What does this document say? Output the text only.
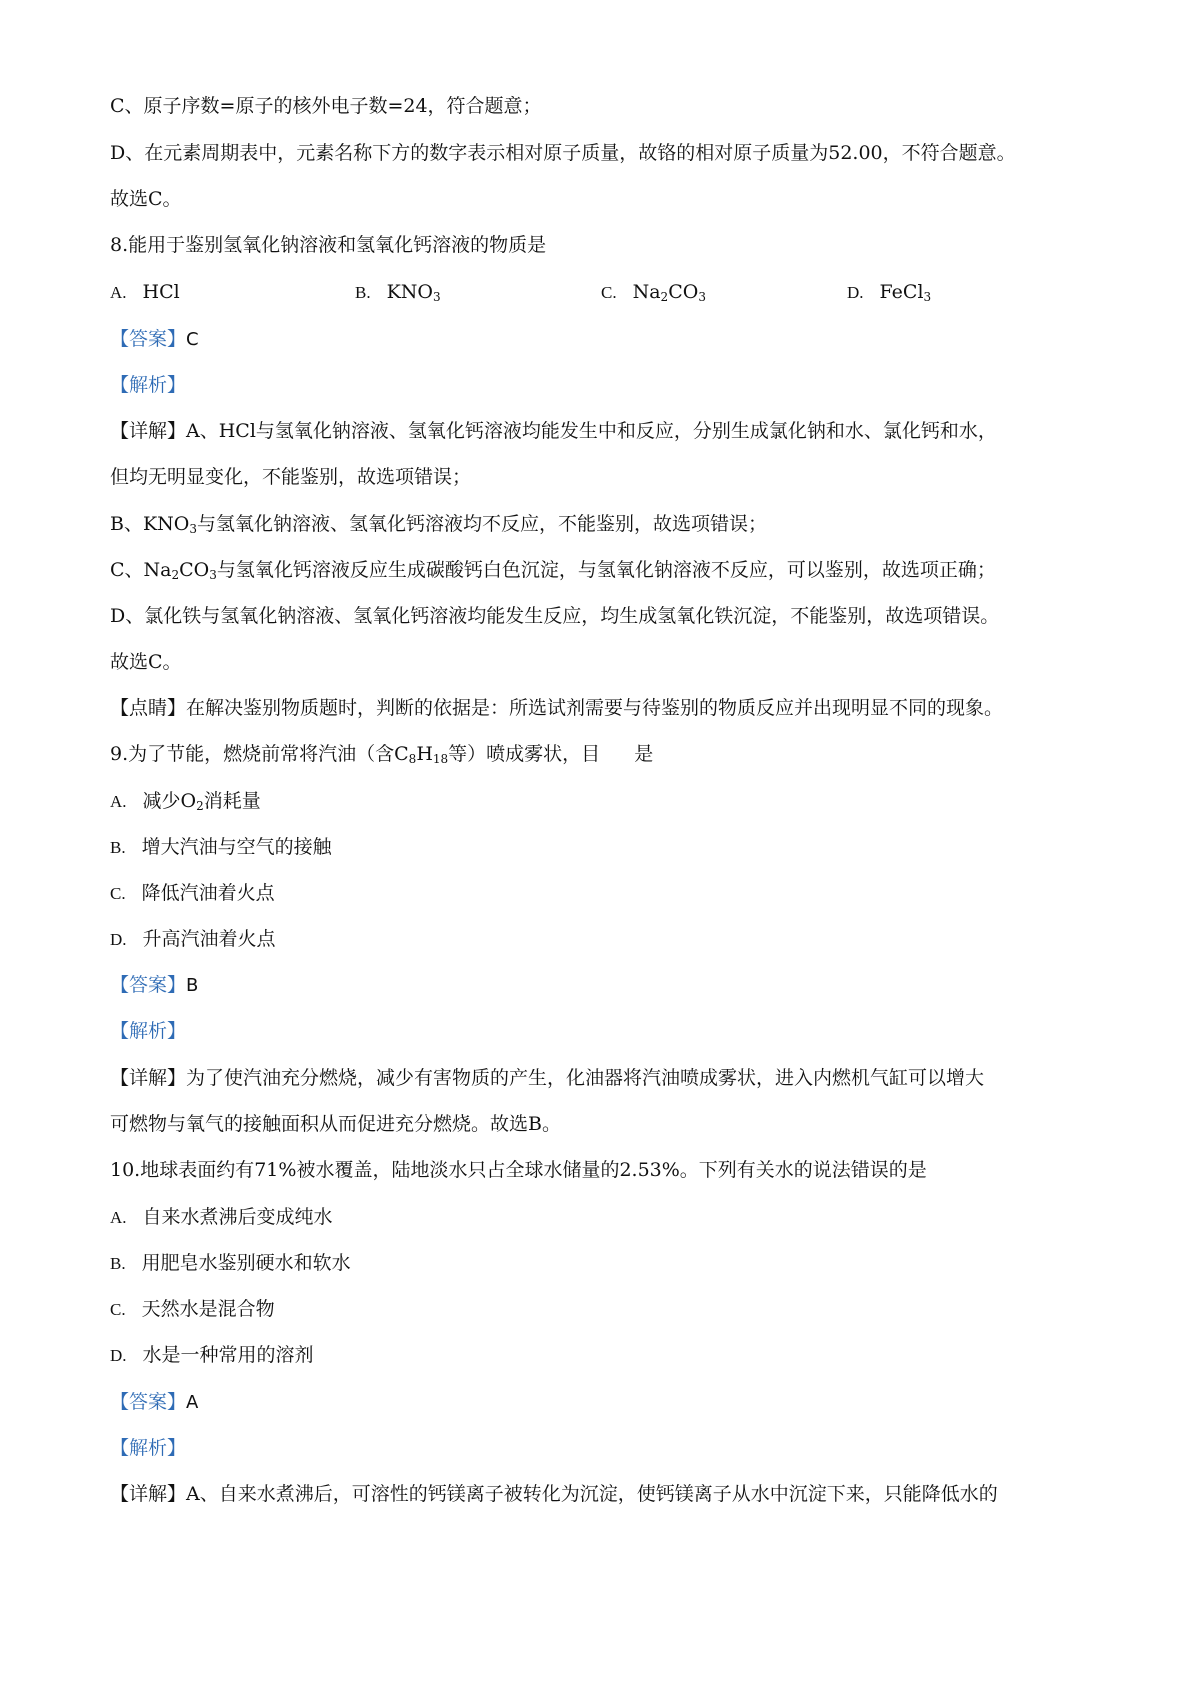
C、原子序数=原子的核外电子数=24，符合题意；
D、在元素周期表中，元素名称下方的数字表示相对原子质量，故铬的相对原子质量为52.00，不符合题意。
故选C。
8.能用于鉴别氢氧化钠溶液和氢氧化钙溶液的物质是
A. HCl	B. $KNO_3$	C. $Na_2CO_3$	D. FeCl$_3$
【答案】C
【解析】
【详解】A、HCl与氢氧化钠溶液、氢氧化钙溶液均能发生中和反应，分别生成氯化钠和水、氯化钙和水，
但均无明显变化，不能鉴别，故选项错误；
B、$KNO_3$与氢氧化钠溶液、氢氧化钙溶液均不反应，不能鉴别，故选项错误；
C、$Na_2CO_3$与氢氧化钙溶液反应生成碳酸钙白色沉淀，与氢氧化钠溶液不反应，可以鉴别，故选项正确；
D、氯化铁与氢氧化钠溶液、氢氧化钙溶液均能发生反应，均生成氢氧化铁沉淀，不能鉴别，故选项错误。
故选C。
【点睛】在解决鉴别物质题时，判断的依据是：所选试剂需要与待鉴别的物质反应并出现明显不同的现象。
9.为了节能，燃烧前常将汽油（含$C_8H_{18}$等）喷成雾状，目 是
A. 减少$O_2$消耗量
B. 增大汽油与空气的接触
C. 降低汽油着火点
D. 升高汽油着火点
【答案】B
【解析】
【详解】为了使汽油充分燃烧，减少有害物质的产生，化油器将汽油喷成雾状，进入内燃机气缸可以增大
可燃物与氧气的接触面积从而促进充分燃烧。故选B。
10.地球表面约有71%被水覆盖，陆地淡水只占全球水储量的2.53%。下列有关水的说法错误的是
A. 自来水煮沸后变成纯水
B. 用肥皂水鉴别硬水和软水
C. 天然水是混合物
D. 水是一种常用的溶剂
【答案】A
【解析】
【详解】A、自来水煮沸后，可溶性的钙镁离子被转化为沉淀，使钙镁离子从水中沉淀下来，只能降低水的
